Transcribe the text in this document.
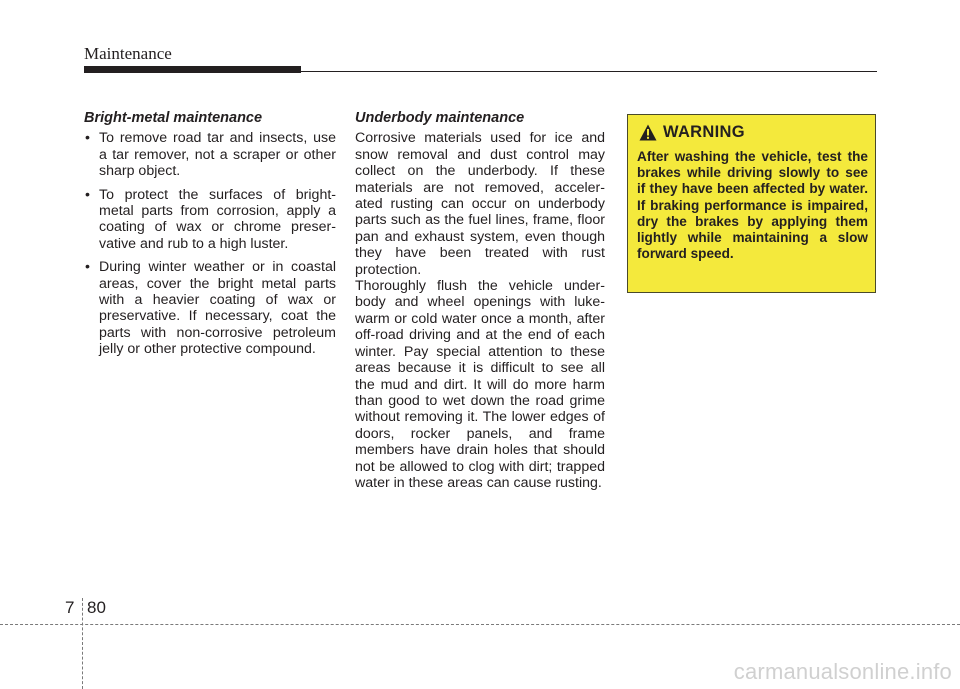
Maintenance
Bright-metal maintenance
• To remove road tar and insects, use a tar remover, not a scraper or other sharp object.
• To protect the surfaces of bright-metal parts from corrosion, apply a coating of wax or chrome preser-vative and rub to a high luster.
• During winter weather or in coastal areas, cover the bright metal parts with a heavier coating of wax or preservative. If necessary, coat the parts with non-corrosive petroleum jelly or other protective compound.
Underbody maintenance

Corrosive materials used for ice and snow removal and dust control may collect on the underbody. If these materials are not removed, acceler-ated rusting can occur on underbody parts such as the fuel lines, frame, floor pan and exhaust system, even though they have been treated with rust protection.

Thoroughly flush the vehicle under-body and wheel openings with luke-warm or cold water once a month, after off-road driving and at the end of each winter. Pay special attention to these areas because it is difficult to see all the mud and dirt. It will do more harm than good to wet down the road grime without removing it. The lower edges of doors, rocker panels, and frame members have drain holes that should not be allowed to clog with dirt; trapped water in these areas can cause rusting.

WARNING
After washing the vehicle, test the brakes while driving slowly to see if they have been affected by water. If braking performance is impaired, dry the brakes by applying them lightly while maintaining a slow forward speed.
7 80
carmanualsonline.info
